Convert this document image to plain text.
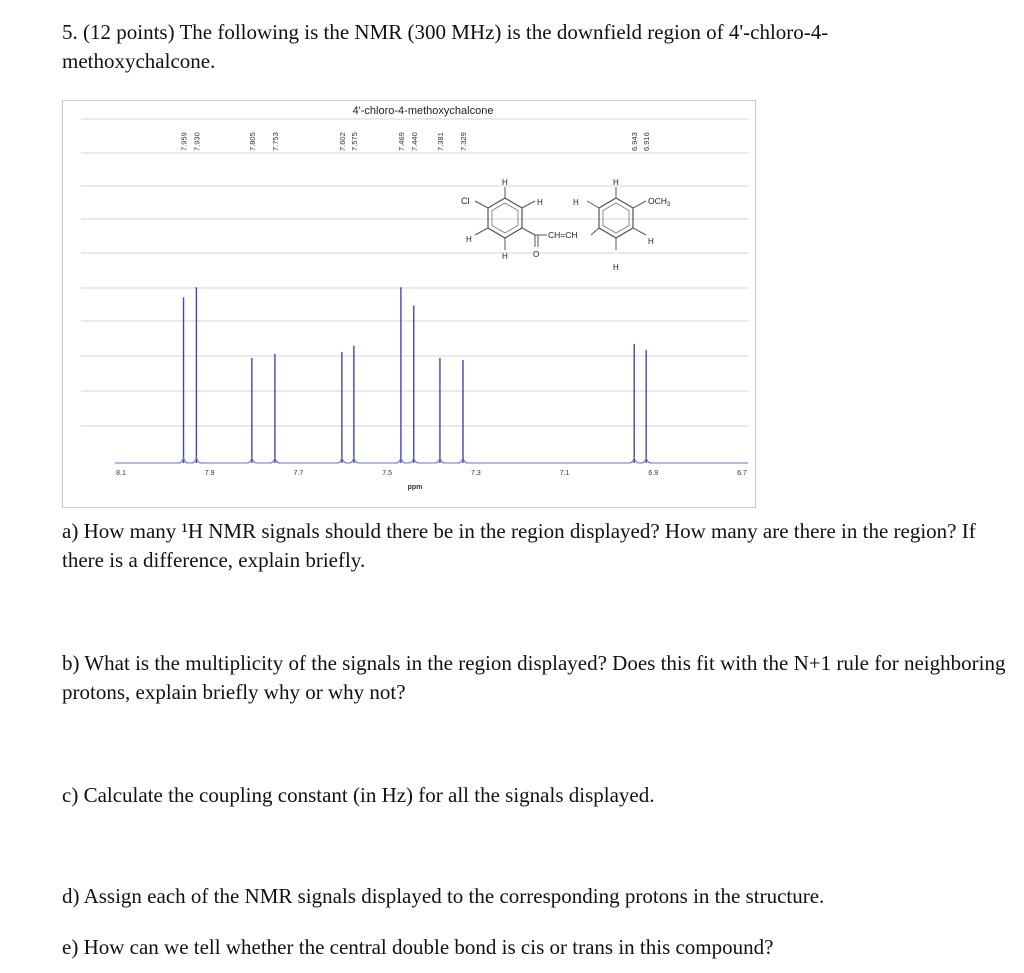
5. (12 points) The following is the NMR (300 MHz) is the downfield region of 4'-chloro-4-methoxychalcone.

4'-chloro-4-methoxychalcone
7.959 7.930	7.805 7.753	7.602 7.575	7.469 7.440 7.381 7.329	6.943 6.916
Cl
H
H
H
H	O
CH=CH
H
H
$OCH_3$
H
H
8.1	7.9	7.7	7.5	7.3	7.1	6.9	6.7
ppm

a) How many ¹H NMR signals should there be in the region displayed? How many are there in the region? If there is a difference, explain briefly.

b) What is the multiplicity of the signals in the region displayed? Does this fit with the N+1 rule for neighboring protons, explain briefly why or why not?

c) Calculate the coupling constant (in Hz) for all the signals displayed.

d) Assign each of the NMR signals displayed to the corresponding protons in the structure.

e) How can we tell whether the central double bond is cis or trans in this compound?
